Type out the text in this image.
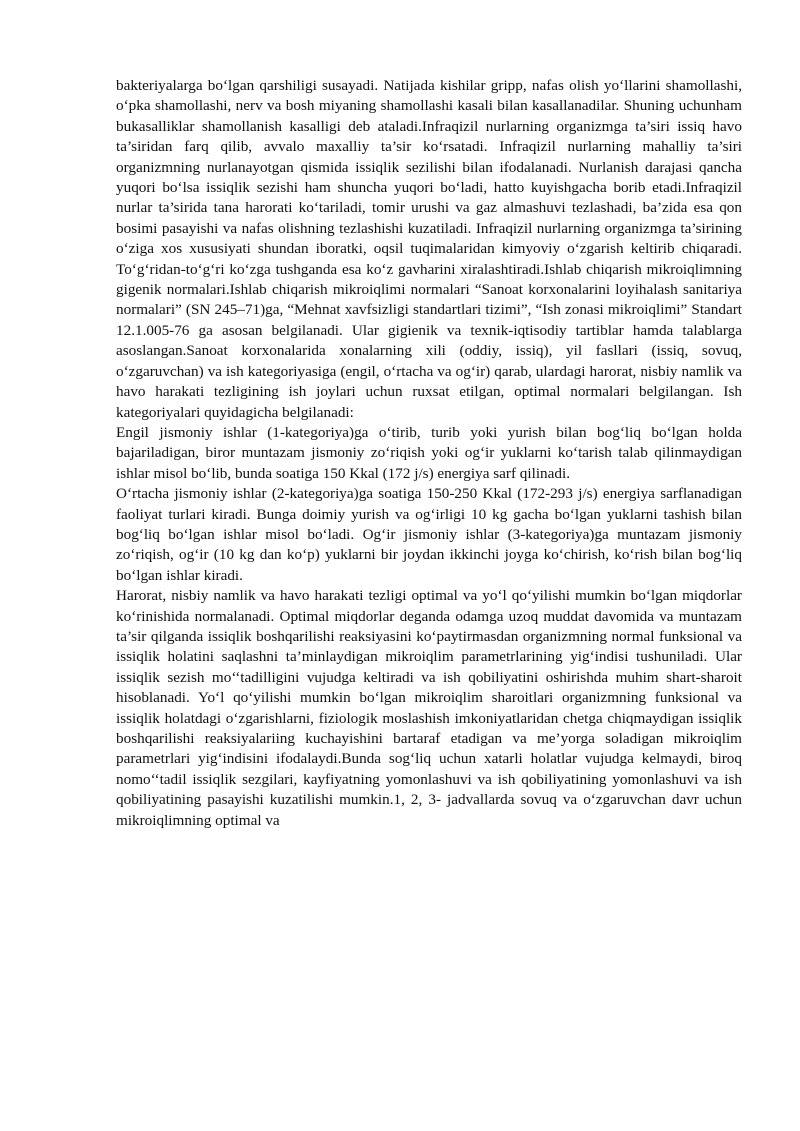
bakteriyalarga bo‘lgan qarshiligi susayadi. Natijada kishilar gripp, nafas olish yo‘llarini shamollashi, o‘pka shamollashi, nerv va bosh miyaning shamollashi kasali bilan kasallanadilar. Shuning uchunham bukasalliklar shamollanish kasalligi deb ataladi.Infraqizil nurlarning organizmga ta’siri issiq havo ta’siridan farq qilib, avvalo maxalliy ta’sir ko‘rsatadi. Infraqizil nurlarning mahalliy ta’siri organizmning nurlanayotgan qismida issiqlik sezilishi bilan ifodalanadi. Nurlanish darajasi qancha yuqori bo‘lsa issiqlik sezishi ham shuncha yuqori bo‘ladi, hatto kuyishgacha borib etadi.Infraqizil nurlar ta’sirida tana harorati ko‘tariladi, tomir urushi va gaz almashuvi tezlashadi, ba’zida esa qon bosimi pasayishi va nafas olishning tezlashishi kuzatiladi. Infraqizil nurlarning organizmga ta’sirining o‘ziga xos xususiyati shundan iboratki, oqsil tuqimalaridan kimyoviy o‘zgarish keltirib chiqaradi. To‘g‘ridan-to‘g‘ri ko‘zga tushganda esa ko‘z gavharini xiralashtiradi.Ishlab chiqarish mikroiqlimning gigenik normalari.Ishlab chiqarish mikroiqlimi normalari “Sanoat korxonalarini loyihalash sanitariya normalari” (SN 245–71)ga, “Mehnat xavfsizligi standartlari tizimi”, “Ish zonasi mikroiqlimi” Standart 12.1.005-76 ga asosan belgilanadi. Ular gigienik va texnik-iqtisodiy tartiblar hamda talablarga asoslangan.Sanoat korxonalarida xonalarning xili (oddiy, issiq), yil fasllari (issiq, sovuq, o‘zgaruvchan) va ish kategoriyasiga (engil, o‘rtacha va og‘ir) qarab, ulardagi harorat, nisbiy namlik va havo harakati tezligining ish joylari uchun ruxsat etilgan, optimal normalari belgilangan. Ish kategoriyalari quyidagicha belgilanadi:

Engil jismoniy ishlar (1-kategoriya)ga o‘tirib, turib yoki yurish bilan bog‘liq bo‘lgan holda bajariladigan, biror muntazam jismoniy zo‘riqish yoki og‘ir yuklarni ko‘tarish talab qilinmaydigan ishlar misol bo‘lib, bunda soatiga 150 Kkal (172 j/s) energiya sarf qilinadi.

O‘rtacha jismoniy ishlar (2-kategoriya)ga soatiga 150-250 Kkal (172-293 j/s) energiya sarflanadigan faoliyat turlari kiradi. Bunga doimiy yurish va og‘irligi 10 kg gacha bo‘lgan yuklarni tashish bilan bog‘liq bo‘lgan ishlar misol bo‘ladi. Og‘ir jismoniy ishlar (3-kategoriya)ga muntazam jismoniy zo‘riqish, og‘ir (10 kg dan ko‘p) yuklarni bir joydan ikkinchi joyga ko‘chirish, ko‘rish bilan bog‘liq bo‘lgan ishlar kiradi.

Harorat, nisbiy namlik va havo harakati tezligi optimal va yo‘l qo‘yilishi mumkin bo‘lgan miqdorlar ko‘rinishida normalanadi. Optimal miqdorlar deganda odamga uzoq muddat davomida va muntazam ta’sir qilganda issiqlik boshqarilishi reaksiyasini ko‘paytirmasdan organizmning normal funksional va issiqlik holatini saqlashni ta’minlaydigan mikroiqlim parametrlarining yig‘indisi tushuniladi. Ular issiqlik sezish mo‘‘tadilligini vujudga keltiradi va ish qobiliyatini oshirishda muhim shart-sharoit hisoblanadi. Yo‘l qo‘yilishi mumkin bo‘lgan mikroiqlim sharoitlari organizmning funksional va issiqlik holatdagi o‘zgarishlarni, fiziologik moslashish imkoniyatlaridan chetga chiqmaydigan issiqlik boshqarilishi reaksiyalariing kuchayishini bartaraf etadigan va me’yorga soladigan mikroiqlim parametrlari yig‘indisini ifodalaydi.Bunda sog‘liq uchun xatarli holatlar vujudga kelmaydi, biroq nomo‘‘tadil issiqlik sezgilari, kayfiyatning yomonlashuvi va ish qobiliyatining yomonlashuvi va ish qobiliyatining pasayishi kuzatilishi mumkin.1, 2, 3- jadvallarda sovuq va o‘zgaruvchan davr uchun mikroiqlimning optimal va
